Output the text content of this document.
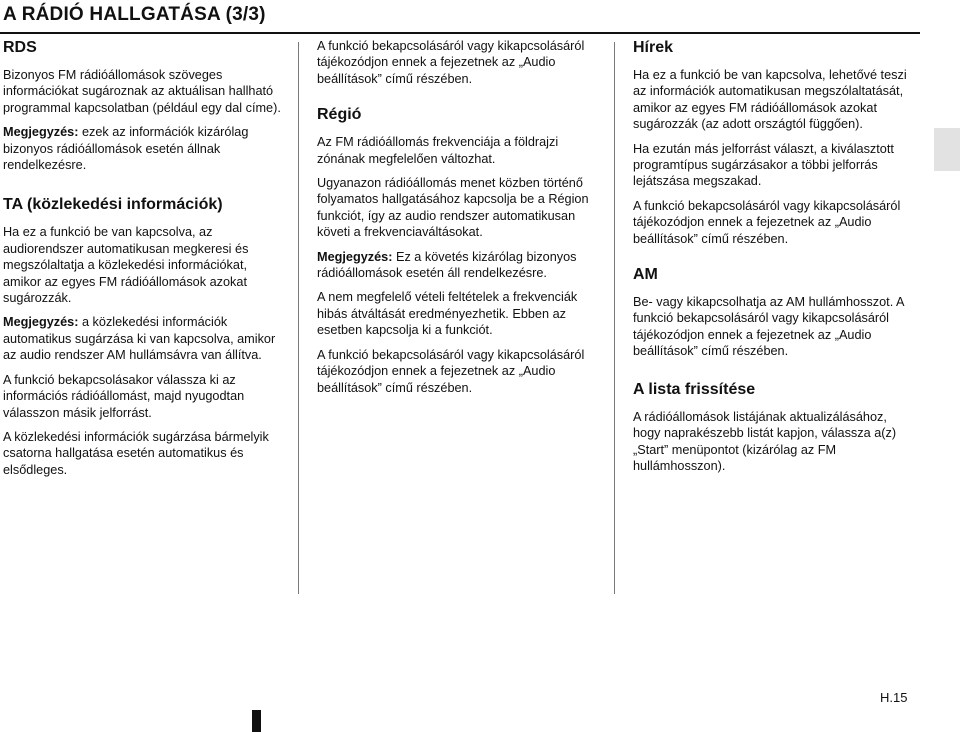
A RÁDIÓ HALLGATÁSA (3/3)
RDS

Bizonyos FM rádióállomások szöveges információkat sugároznak az aktuálisan hallható programmal kapcsolatban (például egy dal címe).

Megjegyzés: ezek az információk kizárólag bizonyos rádióállomások esetén állnak rendelkezésre.

TA (közlekedési információk)

Ha ez a funkció be van kapcsolva, az audiorendszer automatikusan megkeresi és megszólaltatja a közlekedési információkat, amikor az egyes FM rádióállomások azokat sugározzák.

Megjegyzés: a közlekedési információk automatikus sugárzása ki van kapcsolva, amikor az audio rendszer AM hullámsávra van állítva.

A funkció bekapcsolásakor válassza ki az információs rádióállomást, majd nyugodtan válasszon másik jelforrást.

A közlekedési információk sugárzása bármelyik csatorna hallgatása esetén automatikus és elsődleges.

A funkció bekapcsolásáról vagy kikapcsolásáról tájékozódjon ennek a fejezetnek az „Audio beállítások” című részében.

Régió

Az FM rádióállomás frekvenciája a földrajzi zónának megfelelően változhat.

Ugyanazon rádióállomás menet közben történő folyamatos hallgatásához kapcsolja be a Région funkciót, így az audio rendszer automatikusan követi a frekvenciaváltásokat.

Megjegyzés: Ez a követés kizárólag bizonyos rádióállomások esetén áll rendelkezésre.

A nem megfelelő vételi feltételek a frekvenciák hibás átváltását eredményezhetik. Ebben az esetben kapcsolja ki a funkciót.

A funkció bekapcsolásáról vagy kikapcsolásáról tájékozódjon ennek a fejezetnek az „Audio beállítások” című részében.

Hírek

Ha ez a funkció be van kapcsolva, lehetővé teszi az információk automatikusan megszólaltatását, amikor az egyes FM rádióállomások azokat sugározzák (az adott országtól függően).

Ha ezután más jelforrást választ, a kiválasztott programtípus sugárzásakor a többi jelforrás lejátszása megszakad.

A funkció bekapcsolásáról vagy kikapcsolásáról tájékozódjon ennek a fejezetnek az „Audio beállítások” című részében.

AM

Be- vagy kikapcsolhatja az AM hullámhosszot. A funkció bekapcsolásáról vagy kikapcsolásáról tájékozódjon ennek a fejezetnek az „Audio beállítások” című részében.

A lista frissítése

A rádióállomások listájának aktualizálásához, hogy naprakészebb listát kapjon, válassza a(z) „Start” menüpontot (kizárólag az FM hullámhosszon).

H.15
